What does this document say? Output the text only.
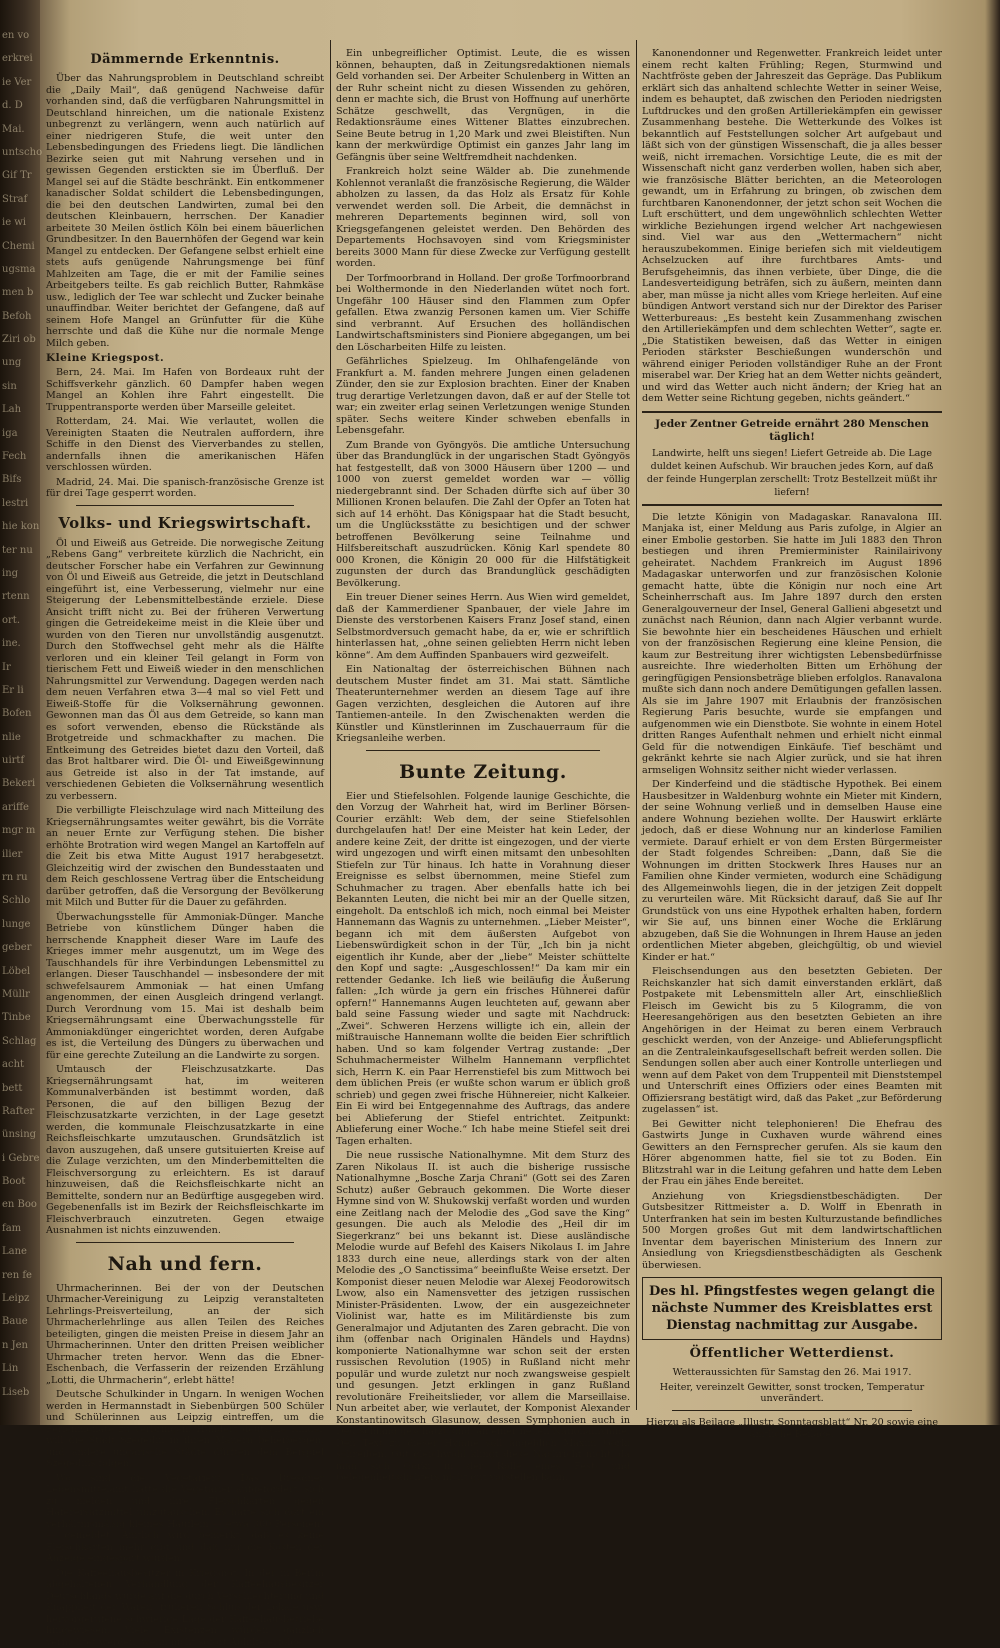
en vo
erkrei
ie Ver
d. D
Mai.
untscho
Gif Tr
Straf
ie wi
Chemi
ugsma
men b
Befoh
Ziri ob
ung
sin
Lah
iga
Fech
Bifs
lestri
hie kon
ter nu
ing
rtenn
ort.
ine.
Ir
Er li
Bofen
nlie
uirtf
Bekeri
ariffe
mgr m
ilier
rn ru
Schlo
lunge
geber
Löbel
Müllr
Tinbe
Schlag
acht
bett
Rafter
ünsing
i Gebre
Boot
en Boo
fam
Lane
ren fe
Leipz
Baue
n Jen
Lin
Liseb
Dämmernde Erkenntnis.

Über das Nahrungsproblem in Deutschland schreibt die „Daily Mail“, daß genügend Nachweise dafür vorhanden sind, daß die verfügbaren Nahrungsmittel in Deutschland hinreichen, um die nationale Existenz unbegrenzt zu verlängern, wenn auch natürlich auf einer niedrigeren Stufe, die weit unter den Lebensbedingungen des Friedens liegt. Die ländlichen Bezirke seien gut mit Nahrung versehen und in gewissen Gegenden erstickten sie im Überfluß. Der Mangel sei auf die Städte beschränkt. Ein entkommener kanadischer Soldat schildert die Lebensbedingungen, die bei den deutschen Landwirten, zumal bei den deutschen Kleinbauern, herrschen. Der Kanadier arbeitete 30 Meilen östlich Köln bei einem bäuerlichen Grundbesitzer. In den Bauernhöfen der Gegend war kein Mangel zu entdecken. Der Gefangene selbst erhielt eine stets aufs genügende Nahrungsmenge bei fünf Mahlzeiten am Tage, die er mit der Familie seines Arbeitgebers teilte. Es gab reichlich Butter, Rahmkäse usw., lediglich der Tee war schlecht und Zucker beinahe unauffindbar. Weiter berichtet der Gefangene, daß auf seinem Hofe Mangel an Grünfutter für die Kühe herrschte und daß die Kühe nur die normale Menge Milch geben.

Kleine Kriegspost.

Bern, 24. Mai. Im Hafen von Bordeaux ruht der Schiffsverkehr gänzlich. 60 Dampfer haben wegen Mangel an Kohlen ihre Fahrt eingestellt. Die Truppentransporte werden über Marseille geleitet.

Rotterdam, 24. Mai. Wie verlautet, wollen die Vereinigten Staaten die Neutralen auffordern, ihre Schiffe in den Dienst des Vierverbandes zu stellen, andernfalls ihnen die amerikanischen Häfen verschlossen würden.

Madrid, 24. Mai. Die spanisch-französische Grenze ist für drei Tage gesperrt worden.

Volks- und Kriegswirtschaft.

Öl und Eiweiß aus Getreide. Die norwegische Zeitung „Rebens Gang“ verbreitete kürzlich die Nachricht, ein deutscher Forscher habe ein Verfahren zur Gewinnung von Öl und Eiweiß aus Getreide, die jetzt in Deutschland eingeführt ist, eine Verbesserung, vielmehr nur eine Steigerung der Lebensmittelbestände erziele. Diese Ansicht trifft nicht zu. Bei der früheren Verwertung gingen die Getreidekeime meist in die Kleie über und wurden von den Tieren nur unvollständig ausgenutzt. Durch den Stoffwechsel geht mehr als die Hälfte verloren und ein kleiner Teil gelangt in Form von tierischem Fett und Eiweiß wieder in den menschlichen Nahrungsmittel zur Verwendung. Dagegen werden nach dem neuen Verfahren etwa 3—4 mal so viel Fett und Eiweiß-Stoffe für die Volksernährung gewonnen. Gewonnen man das Öl aus dem Getreide, so kann man es sofort verwenden, ebenso die Rückstände als Brotgetreide und schmackhafter zu machen. Die Entkeimung des Getreides bietet dazu den Vorteil, daß das Brot haltbarer wird. Die Öl- und Eiweißgewinnung aus Getreide ist also in der Tat imstande, auf verschiedenen Gebieten die Volksernährung wesentlich zu verbessern.

Die verbilligte Fleischzulage wird nach Mitteilung des Kriegsernährungsamtes weiter gewährt, bis die Vorräte an neuer Ernte zur Verfügung stehen. Die bisher erhöhte Brotration wird wegen Mangel an Kartoffeln auf die Zeit bis etwa Mitte August 1917 herabgesetzt. Gleichzeitig wird der zwischen den Bundesstaaten und dem Reich geschlossene Vertrag über die Entscheidung darüber getroffen, daß die Versorgung der Bevölkerung mit Milch und Butter für die Dauer zu gefährden.

Überwachungsstelle für Ammoniak-Dünger. Manche Betriebe von künstlichem Dünger haben die herrschende Knappheit dieser Ware im Laufe des Krieges immer mehr ausgenutzt, um im Wege des Tauschhandels für ihre Verbindungen Lebensmittel zu erlangen. Dieser Tauschhandel — insbesondere der mit schwefelsaurem Ammoniak — hat einen Umfang angenommen, der einen Ausgleich dringend verlangt. Durch Verordnung vom 15. Mai ist deshalb beim Kriegsernährungsamt eine Überwachungsstelle für Ammoniakdünger eingerichtet worden, deren Aufgabe es ist, die Verteilung des Düngers zu überwachen und für eine gerechte Zuteilung an die Landwirte zu sorgen.

Umtausch der Fleischzusatzkarte. Das Kriegsernährungsamt hat, im weiteren Kommunalverbänden ist bestimmt worden, daß Personen, die auf den billigen Bezug der Fleischzusatzkarte verzichten, in der Lage gesetzt werden, die kommunale Fleischzusatzkarte in eine Reichsfleischkarte umzutauschen. Grundsätzlich ist davon auszugehen, daß unsere gutsituierten Kreise auf die Zulage verzichten, um den Minderbemittelten die Fleischversorgung zu erleichtern. Es ist darauf hinzuweisen, daß die Reichsfleischkarte nicht an Bemittelte, sondern nur an Bedürftige ausgegeben wird. Gegebenenfalls ist im Bezirk der Reichsfleischkarte im Fleischverbrauch einzutreten. Gegen etwaige Ausnahmen ist nichts einzuwenden.

Nah und fern.

Uhrmacherinnen. Bei der von der Deutschen Uhrmacher-Vereinigung zu Leipzig veranstalteten Lehrlings-Preisverteilung, an der sich Uhrmacherlehrlinge aus allen Teilen des Reiches beteiligten, gingen die meisten Preise in diesem Jahr an Uhrmacherinnen. Unter den dritten Preisen weiblicher Uhrmacher treten hervor. Wenn das die Ebner-Eschenbach, die Verfasserin der reizenden Erzählung „Lotti, die Uhrmacherin“, erlebt hätte!

Deutsche Schulkinder in Ungarn. In wenigen Wochen werden in Hermannstadt in Siebenbürgen 500 Schüler und Schülerinnen aus Leipzig eintreffen, um die Ferienmonate zu verbringen. Hundert deutsche Kinder will die Stadt Szegedin in ihren Mauern beherbergen, und andere ungarische Städte dürften dem Beispiel Szegedins folgen.

Wo sind die Vegetarier? Das Dresdner Lebensmittelamt hatte die Vegetarier aufgefordert, sich zu melden und ihre Fleischkarten gegen Haferersatzmittel umzutauschen. Es hatte sich dort ein verhältnismäßig kleines Häuflein — etwa 300 Personen! — gemeldet. Amtlich wird bemerkt, daß es keine Fleischkarten mehr gibt und daß nur die Kosten der Anzeige eingespart wurden.

Die Kaffeehausbesitzer in Kriegsnot. In der in Berlin abgehaltenen Verhandlung der Kaffeehausbesitzer Deutschlands wurde auf die durch Verschlechterung und Knappheit der Waren, früheren Schluß der Lokale usw. hervorgerufene schwierige Lage der Kaffeehausbetriebe hingewiesen. Viele Existenzen würden gänzlich vernichtet werden, wenn nicht sofort Abhilfe erfolge.

Ein unbegreiflicher Optimist. Leute, die es wissen können, behaupten, daß in Zeitungsredaktionen niemals Geld vorhanden sei. Der Arbeiter Schulenberg in Witten an der Ruhr scheint nicht zu diesen Wissenden zu gehören, denn er machte sich, die Brust von Hoffnung auf unerhörte Schätze geschwellt, das Vergnügen, in die Redaktionsräume eines Wittener Blattes einzubrechen. Seine Beute betrug in 1,20 Mark und zwei Bleistiften. Nun kann der merkwürdige Optimist ein ganzes Jahr lang im Gefängnis über seine Weltfremdheit nachdenken.

Frankreich holzt seine Wälder ab. Die zunehmende Kohlennot veranlaßt die französische Regierung, die Wälder abholzen zu lassen, da das Holz als Ersatz für Kohle verwendet werden soll. Die Arbeit, die demnächst in mehreren Departements beginnen wird, soll von Kriegsgefangenen geleistet werden. Den Behörden des Departements Hochsavoyen sind vom Kriegsminister bereits 3000 Mann für diese Zwecke zur Verfügung gestellt worden.

Der Torfmoorbrand in Holland. Der große Torfmoorbrand bei Wolthermonde in den Niederlanden wütet noch fort. Ungefähr 100 Häuser sind den Flammen zum Opfer gefallen. Etwa zwanzig Personen kamen um. Vier Schiffe sind verbrannt. Auf Ersuchen des holländischen Landwirtschaftsministers sind Pioniere abgegangen, um bei den Löscharbeiten Hilfe zu leisten.

Gefährliches Spielzeug. Im Ohlhafengelände von Frankfurt a. M. fanden mehrere Jungen einen geladenen Zünder, den sie zur Explosion brachten. Einer der Knaben trug derartige Verletzungen davon, daß er auf der Stelle tot war; ein zweiter erlag seinen Verletzungen wenige Stunden später. Sechs weitere Kinder schweben ebenfalls in Lebensgefahr.

Zum Brande von Gyöngyös. Die amtliche Untersuchung über das Brandunglück in der ungarischen Stadt Gyöngyös hat festgestellt, daß von 3000 Häusern über 1200 — und 1000 von zuerst gemeldet worden war — völlig niedergebrannt sind. Der Schaden dürfte sich auf über 30 Millionen Kronen belaufen. Die Zahl der Opfer an Toten hat sich auf 14 erhöht. Das Königspaar hat die Stadt besucht, um die Unglücksstätte zu besichtigen und der schwer betroffenen Bevölkerung seine Teilnahme und Hilfsbereitschaft auszudrücken. König Karl spendete 80 000 Kronen, die Königin 20 000 für die Hilfstätigkeit zugunsten der durch das Brandunglück geschädigten Bevölkerung.

Ein treuer Diener seines Herrn. Aus Wien wird gemeldet, daß der Kammerdiener Spanbauer, der viele Jahre im Dienste des verstorbenen Kaisers Franz Josef stand, einen Selbstmordversuch gemacht habe, da er, wie er schriftlich hinterlassen hat, „ohne seinen geliebten Herrn nicht leben könne“. Am dem Auffinden Spanbauers wird gezweifelt.

Ein Nationaltag der österreichischen Bühnen nach deutschem Muster findet am 31. Mai statt. Sämtliche Theaterunternehmer werden an diesem Tage auf ihre Gagen verzichten, desgleichen die Autoren auf ihre Tantiemen-anteile. In den Zwischenakten werden die Künstler und Künstlerinnen im Zuschauerraum für die Kriegsanleihe werben.

Bunte Zeitung.

Eier und Stiefelsohlen. Folgende launige Geschichte, die den Vorzug der Wahrheit hat, wird im Berliner Börsen-Courier erzählt: Web dem, der seine Stiefelsohlen durchgelaufen hat! Der eine Meister hat kein Leder, der andere keine Zeit, der dritte ist eingezogen, und der vierte wird ungezogen und wirft einen mitsamt den unbesohlten Stiefeln zur Tür hinaus. Ich hatte in Vorahnung dieser Ereignisse es selbst übernommen, meine Stiefel zum Schuhmacher zu tragen. Aber ebenfalls hatte ich bei Bekannten Leuten, die nicht bei mir an der Quelle sitzen, eingeholt. Da entschloß ich mich, noch einmal bei Meister Hannemann das Wagnis zu unternehmen. „Lieber Meister“, begann ich mit dem äußersten Aufgebot von Liebenswürdigkeit schon in der Tür, „Ich bin ja nicht eigentlich ihr Kunde, aber der „liebe“ Meister schüttelte den Kopf und sagte: „Ausgeschlossen!“ Da kam mir ein rettender Gedanke. Ich ließ wie beiläufig die Äußerung fallen: „Ich würde ja gern ein frisches Hühnerei dafür opfern!“ Hannemanns Augen leuchteten auf, gewann aber bald seine Fassung wieder und sagte mit Nachdruck: „Zwei“. Schweren Herzens willigte ich ein, allein der mißtrauische Hannemann wollte die beiden Eier schriftlich haben. Und so kam folgender Vertrag zustande: „Der Schuhmachermeister Wilhelm Hannemann verpflichtet sich, Herrn K. ein Paar Herrenstiefel bis zum Mittwoch bei dem üblichen Preis (er wußte schon warum er üblich groß schrieb) und gegen zwei frische Hühnereier, nicht Kalkeier. Ein Ei wird bei Entgegennahme des Auftrags, das andere bei Ablieferung der Stiefel entrichtet. Zeitpunkt: Ablieferung einer Woche.“ Ich habe meine Stiefel seit drei Tagen erhalten.

Die neue russische Nationalhymne. Mit dem Sturz des Zaren Nikolaus II. ist auch die bisherige russische Nationalhymne „Bosche Zarja Chrani“ (Gott sei des Zaren Schutz) außer Gebrauch gekommen. Die Worte dieser Hymne sind von W. Shukowskij verfaßt worden und wurden eine Zeitlang nach der Melodie des „God save the King“ gesungen. Die auch als Melodie des „Heil dir im Siegerkranz“ bei uns bekannt ist. Diese ausländische Melodie wurde auf Befehl des Kaisers Nikolaus I. im Jahre 1833 durch eine neue, allerdings stark von der alten Melodie des „O Sanctissima“ beeinflußte Weise ersetzt. Der Komponist dieser neuen Melodie war Alexej Feodorowitsch Lwow, also ein Namensvetter des jetzigen russischen Minister-Präsidenten. Lwow, der ein ausgezeichneter Violinist war, hatte es im Militärdienste bis zum Generalmajor und Adjutanten des Zaren gebracht. Die von ihm (offenbar nach Originalen Händels und Haydns) komponierte Nationalhymne war schon seit der ersten russischen Revolution (1905) in Rußland nicht mehr populär und wurde zuletzt nur noch zwangsweise gespielt und gesungen. Jetzt erklingen in ganz Rußland revolutionäre Freiheitslieder, vor allem die Marseillaise. Nun arbeitet aber, wie verlautet, der Komponist Alexander Konstantinowitsch Glasunow, dessen Symphonien auch in Deutschland geschätzt sind, an einer neuen Nationalhymne. Den Text zu dieser Hymne soll angeblich Maxim Gorki schreiben. Gut gleichwohl klingt diese Nachricht nicht, da man sich Gorki in der Rolle eines Fest- und Gelegenheitsdichters nicht gut vorstellen kann.

Kanonendonner und Regenwetter. Frankreich leidet unter einem recht kalten Frühling; Regen, Sturmwind und Nachtfröste geben der Jahreszeit das Gepräge. Das Publikum erklärt sich das anhaltend schlechte Wetter in seiner Weise, indem es behauptet, daß zwischen den Perioden niedrigsten Luftdruckes und den großen Artilleriekämpfen ein gewisser Zusammenhang bestehe. Die Wetterkunde des Volkes ist bekanntlich auf Feststellungen solcher Art aufgebaut und läßt sich von der günstigen Wissenschaft, die ja alles besser weiß, nicht irremachen. Vorsichtige Leute, die es mit der Wissenschaft nicht ganz verderben wollen, haben sich aber, wie französische Blätter berichten, an die Meteorologen gewandt, um in Erfahrung zu bringen, ob zwischen dem furchtbaren Kanonendonner, der jetzt schon seit Wochen die Luft erschüttert, und dem ungewöhnlich schlechten Wetter wirkliche Beziehungen irgend welcher Art nachgewiesen sind. Viel war aus den „Wettermachern“ nicht herauszubekommen. Einige beriefen sich mit vieldeutigem Achselzucken auf ihre furchtbares Amts- und Berufsgeheimnis, das ihnen verbiete, über Dinge, die die Landesverteidigung beträfen, sich zu äußern, meinten dann aber, man müsse ja nicht alles vom Kriege herleiten. Auf eine bündigen Antwort verstand sich nur der Direktor des Pariser Wetterbureaus: „Es besteht kein Zusammenhang zwischen den Artilleriekämpfen und dem schlechten Wetter“, sagte er. „Die Statistiken beweisen, daß das Wetter in einigen Perioden stärkster Beschießungen wunderschön und während einiger Perioden vollständiger Ruhe an der Front miserabel war. Der Krieg hat an dem Wetter nichts geändert, und wird das Wetter auch nicht ändern; der Krieg hat an dem Wetter seine Richtung gegeben, nichts geändert.“

Jeder Zentner Getreide ernährt 280 Menschen täglich!
Landwirte, helft uns siegen! Liefert Getreide ab. Die Lage duldet keinen Aufschub. Wir brauchen jedes Korn, auf daß der feinde Hungerplan zerschellt: Trotz Bestellzeit müßt ihr liefern!

Die letzte Königin von Madagaskar. Ranavalona III. Manjaka ist, einer Meldung aus Paris zufolge, in Algier an einer Embolie gestorben. Sie hatte im Juli 1883 den Thron bestiegen und ihren Premierminister Rainilairivony geheiratet. Nachdem Frankreich im August 1896 Madagaskar unterworfen und zur französischen Kolonie gemacht hatte, übte die Königin nur noch eine Art Scheinherrschaft aus. Im Jahre 1897 durch den ersten Generalgouverneur der Insel, General Gallieni abgesetzt und zunächst nach Réunion, dann nach Algier verbannt wurde. Sie bewohnte hier ein bescheidenes Häuschen und erhielt von der französischen Regierung eine kleine Pension, die kaum zur Bestreitung ihrer wichtigsten Lebensbedürfnisse ausreichte. Ihre wiederholten Bitten um Erhöhung der geringfügigen Pensionsbeträge blieben erfolglos. Ranavalona mußte sich dann noch andere Demütigungen gefallen lassen. Als sie im Jahre 1907 mit Erlaubnis der französischen Regierung Paris besuchte, wurde sie empfangen und aufgenommen wie ein Dienstbote. Sie wohnte in einem Hotel dritten Ranges Aufenthalt nehmen und erhielt nicht einmal Geld für die notwendigen Einkäufe. Tief beschämt und gekränkt kehrte sie nach Algier zurück, und sie hat ihren armseligen Wohnsitz seither nicht wieder verlassen.

Der Kinderfeind und die städtische Hypothek. Bei einem Hausbesitzer in Waldenburg wohnte ein Mieter mit Kindern, der seine Wohnung verließ und in demselben Hause eine andere Wohnung beziehen wollte. Der Hauswirt erklärte jedoch, daß er diese Wohnung nur an kinderlose Familien vermiete. Darauf erhielt er von dem Ersten Bürgermeister der Stadt folgendes Schreiben: „Dann, daß Sie die Wohnungen im dritten Stockwerk Ihres Hauses nur an Familien ohne Kinder vermieten, wodurch eine Schädigung des Allgemeinwohls liegen, die in der jetzigen Zeit doppelt zu verurteilen wäre. Mit Rücksicht darauf, daß Sie auf Ihr Grundstück von uns eine Hypothek erhalten haben, fordern wir Sie auf, uns binnen einer Woche die Erklärung abzugeben, daß Sie die Wohnungen in Ihrem Hause an jeden ordentlichen Mieter abgeben, gleichgültig, ob und wieviel Kinder er hat.“

Fleischsendungen aus den besetzten Gebieten. Der Reichskanzler hat sich damit einverstanden erklärt, daß Postpakete mit Lebensmitteln aller Art, einschließlich Fleisch im Gewicht bis zu 5 Kilogramm, die von Heeresangehörigen aus den besetzten Gebieten an ihre Angehörigen in der Heimat zu beren einem Verbrauch geschickt werden, von der Anzeige- und Ablieferungspflicht an die Zentraleinkaufsgesellschaft befreit werden sollen. Die Sendungen sollen aber auch einer Kontrolle unterliegen und wenn auf dem Paket von dem Truppenteil mit Dienststempel und Unterschrift eines Offiziers oder eines Beamten mit Offiziersrang bestätigt wird, daß das Paket „zur Beförderung zugelassen“ ist.

Bei Gewitter nicht telephonieren! Die Ehefrau des Gastwirts Junge in Cuxhaven wurde während eines Gewitters an den Fernsprecher gerufen. Als sie kaum den Hörer abgenommen hatte, fiel sie tot zu Boden. Ein Blitzstrahl war in die Leitung gefahren und hatte dem Leben der Frau ein jähes Ende bereitet.

Anziehung von Kriegsdienstbeschädigten. Der Gutsbesitzer Rittmeister a. D. Wolff in Ebenrath in Unterfranken hat sein im besten Kulturzustande befindliches 500 Morgen großes Gut mit dem landwirtschaftlichen Inventar dem bayerischen Ministerium des Innern zur Ansiedlung von Kriegsdienstbeschädigten als Geschenk überwiesen.

Des hl. Pfingstfestes wegen gelangt die nächste Nummer des Kreisblattes erst Dienstag nachmittag zur Ausgabe.
Öffentlicher Wetterdienst.

Wetteraussichten für Samstag den 26. Mai 1917.

Heiter, vereinzelt Gewitter, sonst trocken, Temperatur unverändert.

Hierzu als Beilage „Illustr. Sonntagsblatt“ Nr. 20 sowie eine amtliche Beilage.
